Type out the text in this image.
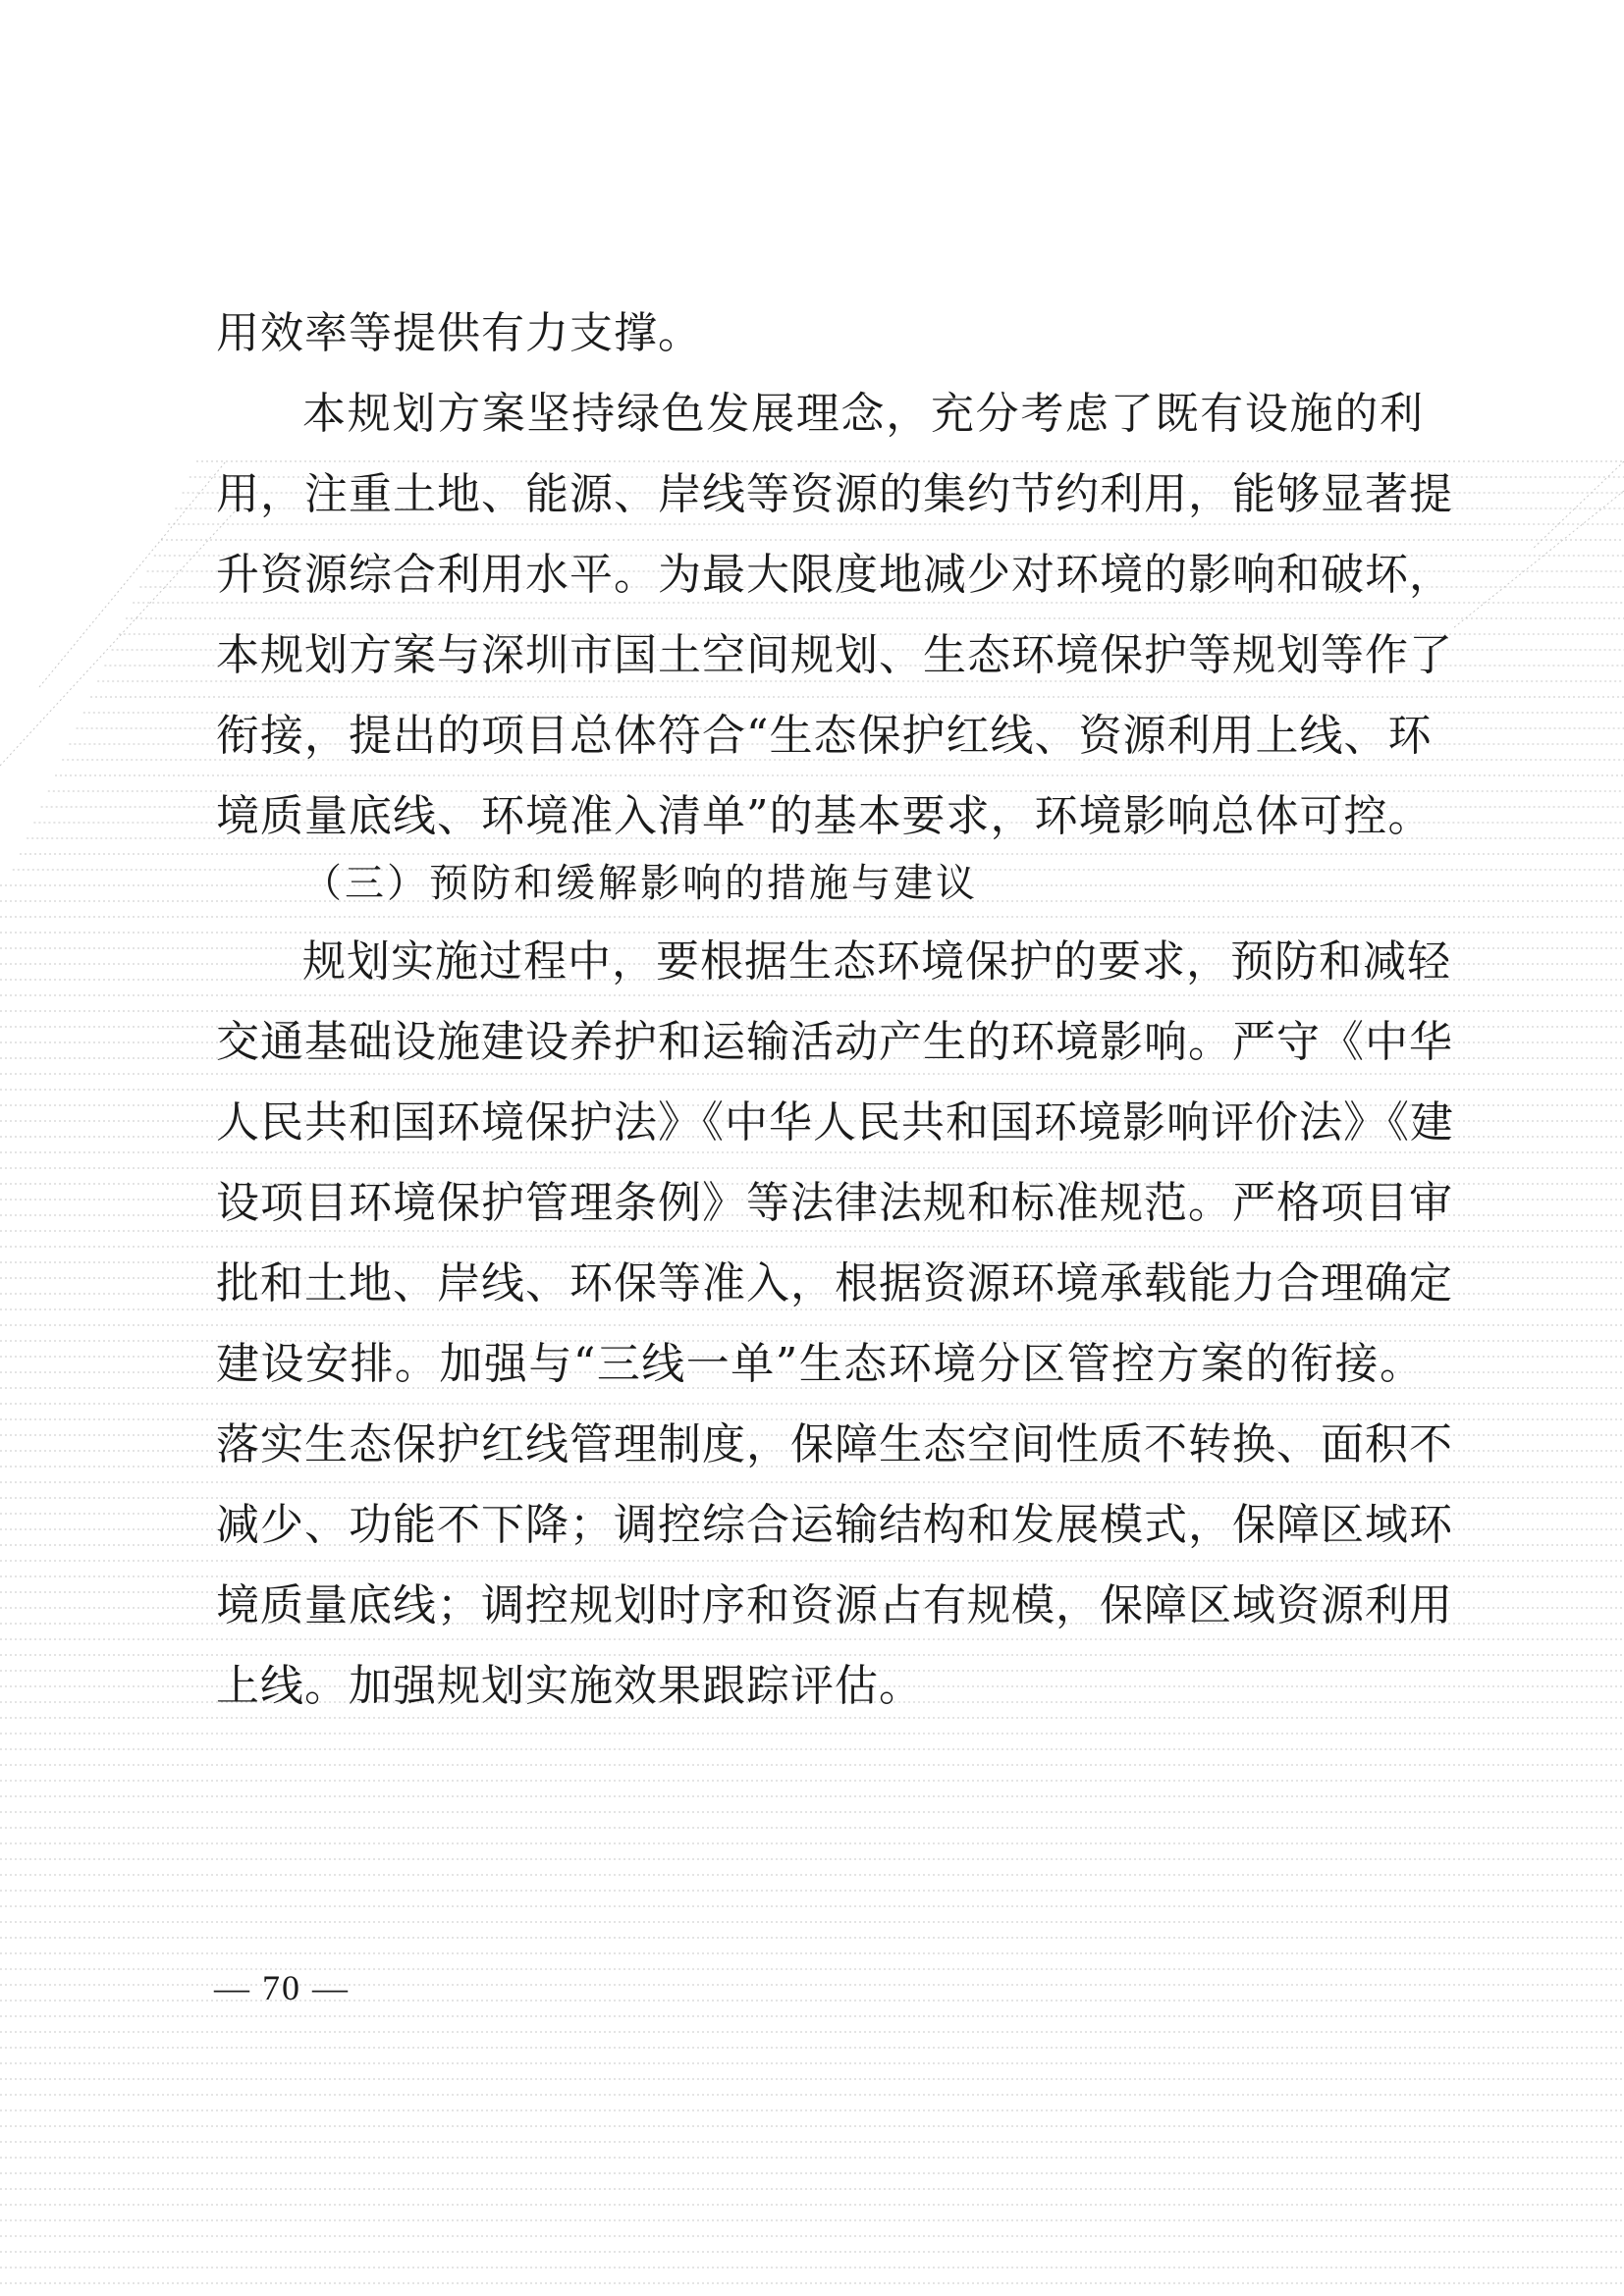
用效率等提供有力支撑。
本规划方案坚持绿色发展理念，充分考虑了既有设施的利
用，注重土地、能源、岸线等资源的集约节约利用，能够显著提
升资源综合利用水平。为最大限度地减少对环境的影响和破坏，
本规划方案与深圳市国土空间规划、生态环境保护等规划等作了
衔接，提出的项目总体符合“生态保护红线、资源利用上线、环
境质量底线、环境准入清单”的基本要求，环境影响总体可控。
（三）预防和缓解影响的措施与建议
规划实施过程中，要根据生态环境保护的要求，预防和减轻
交通基础设施建设养护和运输活动产生的环境影响。严守《中华
人民共和国环境保护法》《中华人民共和国环境影响评价法》《建
设项目环境保护管理条例》等法律法规和标准规范。严格项目审
批和土地、岸线、环保等准入，根据资源环境承载能力合理确定
建设安排。加强与“三线一单”生态环境分区管控方案的衔接。
落实生态保护红线管理制度，保障生态空间性质不转换、面积不
减少、功能不下降；调控综合运输结构和发展模式，保障区域环
境质量底线；调控规划时序和资源占有规模，保障区域资源利用
上线。加强规划实施效果跟踪评估。
— 70 —
